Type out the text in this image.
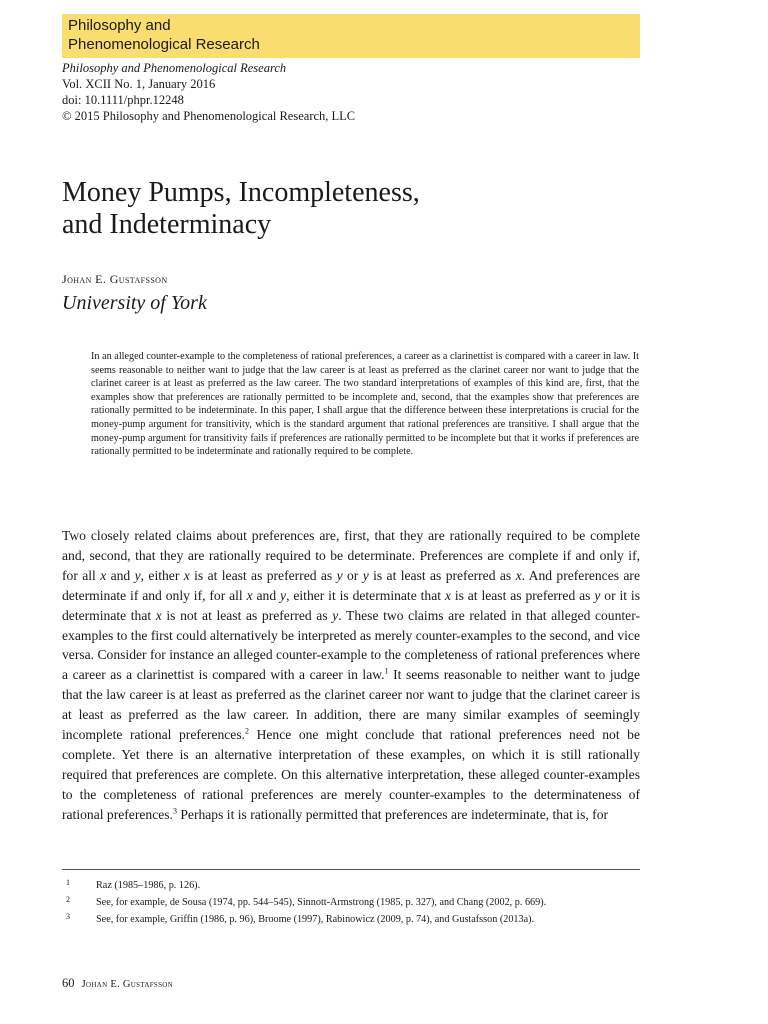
Philosophy and
Phenomenological Research
Philosophy and Phenomenological Research
Vol. XCII No. 1, January 2016
doi: 10.1111/phpr.12248
© 2015 Philosophy and Phenomenological Research, LLC
Money Pumps, Incompleteness,
and Indeterminacy
Johan E. Gustafsson
University of York

In an alleged counter-example to the completeness of rational preferences, a career as a clarinettist is compared with a career in law. It seems reasonable to neither want to judge that the law career is at least as preferred as the clarinet career nor want to judge that the clarinet career is at least as preferred as the law career. The two standard interpretations of examples of this kind are, first, that the examples show that preferences are rationally permitted to be incomplete and, second, that the examples show that preferences are rationally permitted to be indeterminate. In this paper, I shall argue that the difference between these interpretations is crucial for the money-pump argument for transitivity, which is the standard argument that rational preferences are transitive. I shall argue that the money-pump argument for transitivity fails if preferences are rationally permitted to be incomplete but that it works if preferences are rationally permitted to be indeterminate and rationally required to be complete.

Two closely related claims about preferences are, first, that they are rationally required to be complete and, second, that they are rationally required to be determinate. Preferences are complete if and only if, for all x and y, either x is at least as preferred as y or y is at least as preferred as x. And preferences are determinate if and only if, for all x and y, either it is determinate that x is at least as preferred as y or it is determinate that x is not at least as preferred as y. These two claims are related in that alleged counter-examples to the first could alternatively be interpreted as merely counter-examples to the second, and vice versa. Consider for instance an alleged counter-example to the completeness of rational preferences where a career as a clarinettist is compared with a career in law.$^1$ It seems reasonable to neither want to judge that the law career is at least as preferred as the clarinet career nor want to judge that the clarinet career is at least as preferred as the law career. In addition, there are many similar examples of seemingly incomplete rational preferences.$^2$ Hence one might conclude that rational preferences need not be complete. Yet there is an alternative interpretation of these examples, on which it is still rationally required that preferences are complete. On this alternative interpretation, these alleged counter-examples to the completeness of rational preferences are merely counter-examples to the determinateness of rational preferences.$^3$ Perhaps it is rationally permitted that preferences are indeterminate, that is, for

1	Raz (1985–1986, p. 126).
2	See, for example, de Sousa (1974, pp. 544–545), Sinnott-Armstrong (1985, p. 327), and Chang (2002, p. 669).
3	See, for example, Griffin (1986, p. 96), Broome (1997), Rabinowicz (2009, p. 74), and Gustafsson (2013a).
60 Johan E. Gustafsson
